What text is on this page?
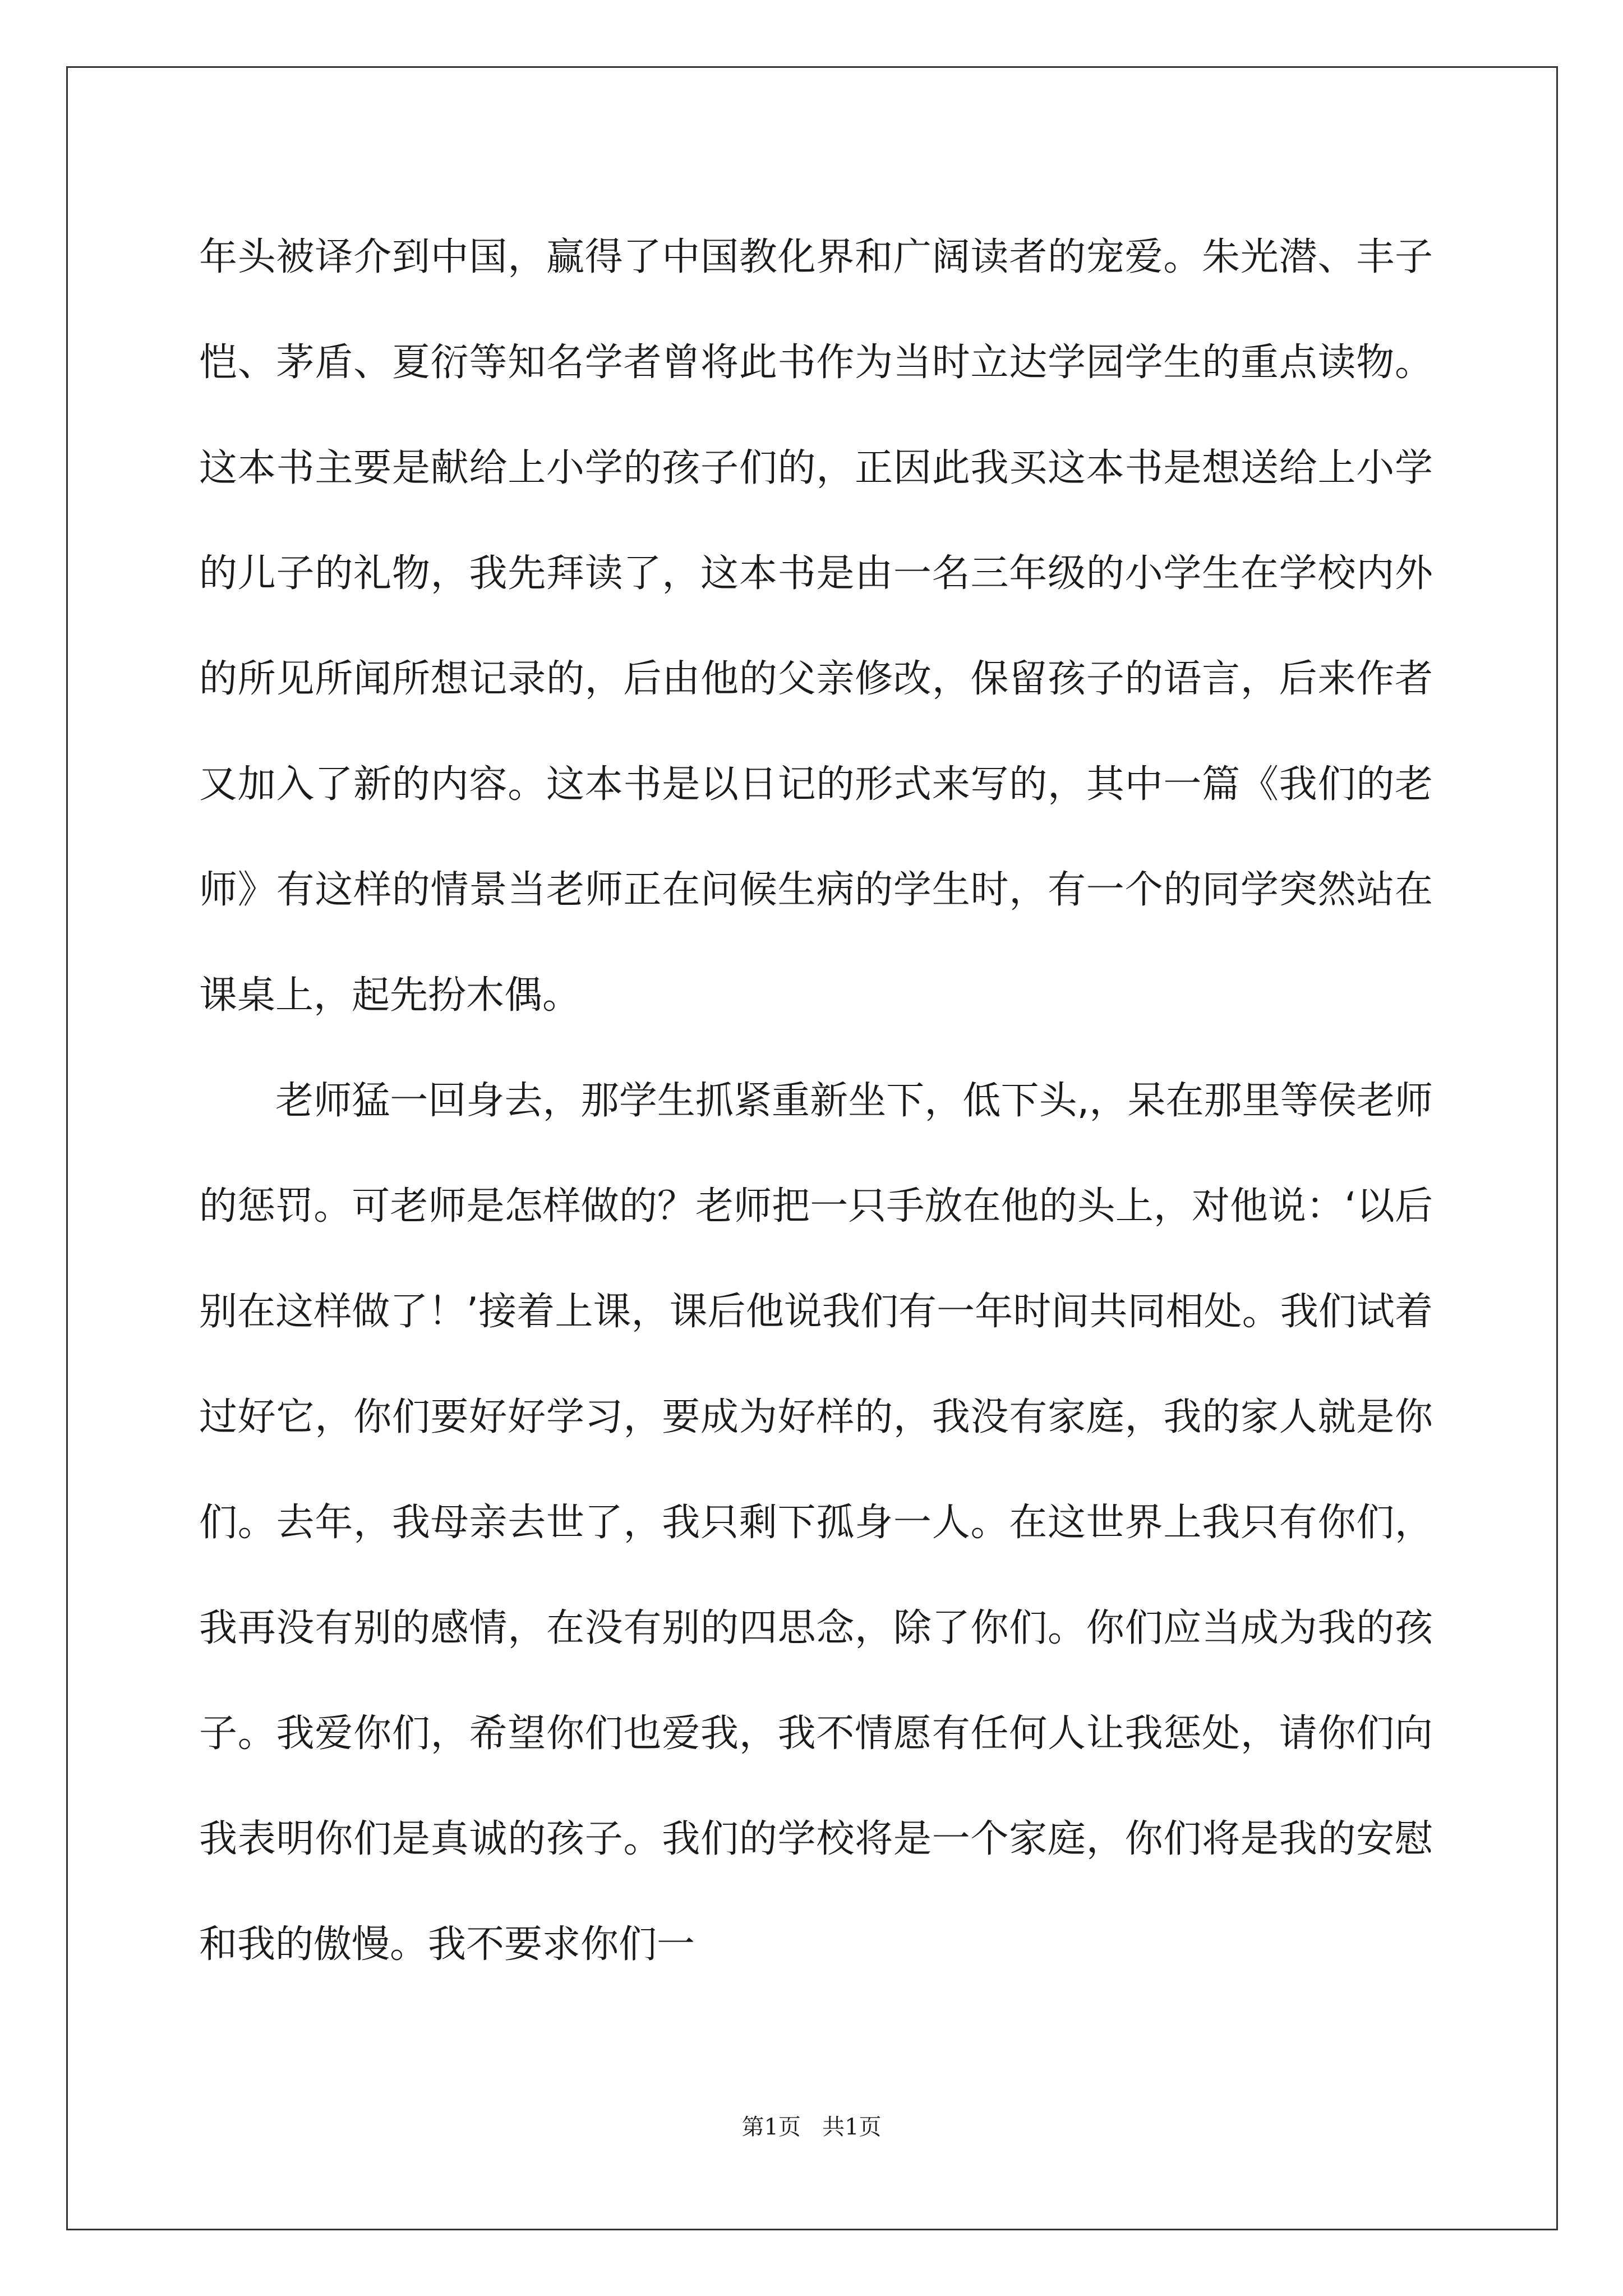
年头被译介到中国，赢得了中国教化界和广阔读者的宠爱。朱光潜、丰子恺、茅盾、夏衍等知名学者曾将此书作为当时立达学园学生的重点读物。这本书主要是献给上小学的孩子们的，正因此我买这本书是想送给上小学的儿子的礼物，我先拜读了，这本书是由一名三年级的小学生在学校内外的所见所闻所想记录的，后由他的父亲修改，保留孩子的语言，后来作者又加入了新的内容。这本书是以日记的形式来写的，其中一篇《我们的老师》有这样的情景当老师正在问候生病的学生时，有一个的同学突然站在课桌上，起先扮木偶。

老师猛一回身去，那学生抓紧重新坐下，低下头,，呆在那里等侯老师的惩罚。可老师是怎样做的？老师把一只手放在他的头上，对他说：‘以后别在这样做了！’接着上课，课后他说我们有一年时间共同相处。我们试着过好它，你们要好好学习，要成为好样的，我没有家庭，我的家人就是你们。去年，我母亲去世了，我只剩下孤身一人。在这世界上我只有你们，我再没有别的感情，在没有别的四思念，除了你们。你们应当成为我的孩子。我爱你们，希望你们也爱我，我不情愿有任何人让我惩处，请你们向我表明你们是真诚的孩子。我们的学校将是一个家庭，你们将是我的安慰和我的傲慢。我不要求你们一

第1页 共1页
